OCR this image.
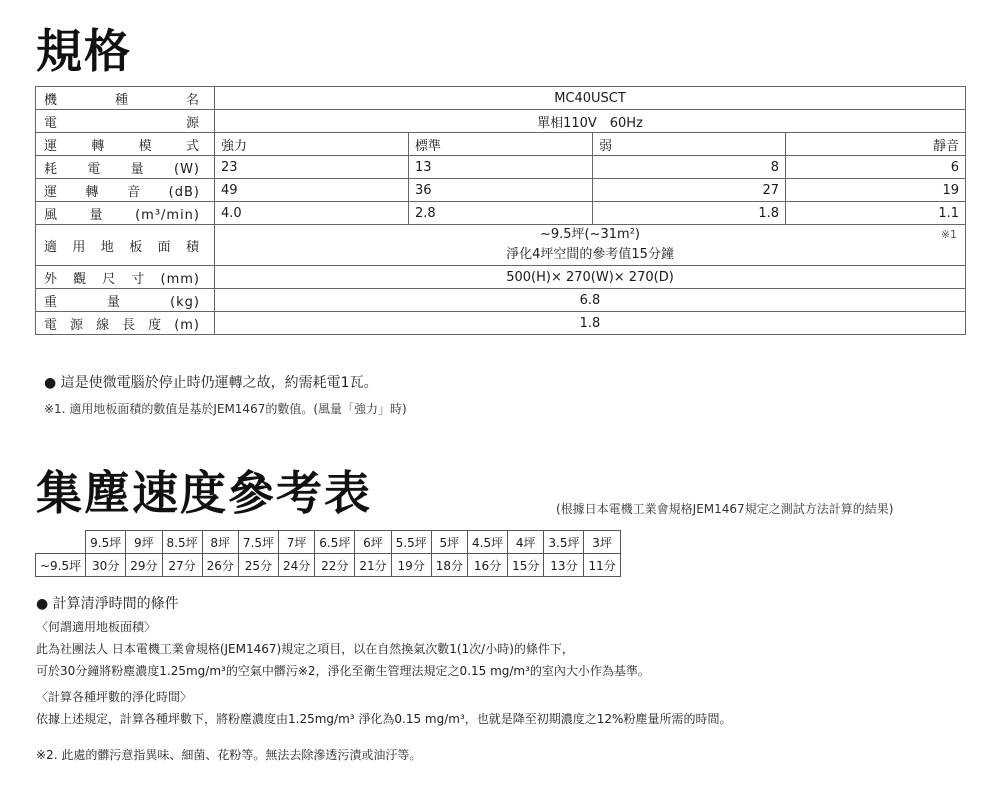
規格
機種名	MC40USCT			

電源	單相110V　60Hz			

運轉模式	強力	標準	弱	靜音

耗電量(W)	23	13	8	6

運轉音(dB)	49	36	27	19

風量(m³/min)	4.0	2.8	1.8	1.1

適用地板面積	~9.5坪(~31m²)
淨化4坪空間的參考值15分鐘
※1			

外觀尺寸(mm)	500(H)× 270(W)× 270(D)			

重量(kg)	6.8			

電源線長度(m)	1.8			
● 這是使微電腦於停止時仍運轉之故，約需耗電1瓦。
※1. 適用地板面積的數值是基於JEM1467的數值。(風量「強力」時)
集塵速度參考表	(根據日本電機工業會規格JEM1467規定之測試方法計算的結果)
	9.5坪	9坪	8.5坪	8坪	7.5坪	7坪	6.5坪	6坪	5.5坪	5坪	4.5坪	4坪	3.5坪	3坪
~9.5坪	30分	29分	27分	26分	25分	24分	22分	21分	19分	18分	16分	15分	13分	11分
● 計算清淨時間的條件
〈何謂適用地板面積〉
此為社團法人 日本電機工業會規格(JEM1467)規定之項目，以在自然換氣次數1(1次/小時)的條件下，
可於30分鐘將粉塵濃度1.25mg/m³的空氣中髒污※2，淨化至衛生管理法規定之0.15 mg/m³的室內大小作為基準。
〈計算各種坪數的淨化時間〉
依據上述規定，計算各種坪數下，將粉塵濃度由1.25mg/m³ 淨化為0.15 mg/m³，也就是降至初期濃度之12%粉塵量所需的時間。
※2. 此處的髒污意指異味、細菌、花粉等。無法去除滲透污漬或油汙等。
